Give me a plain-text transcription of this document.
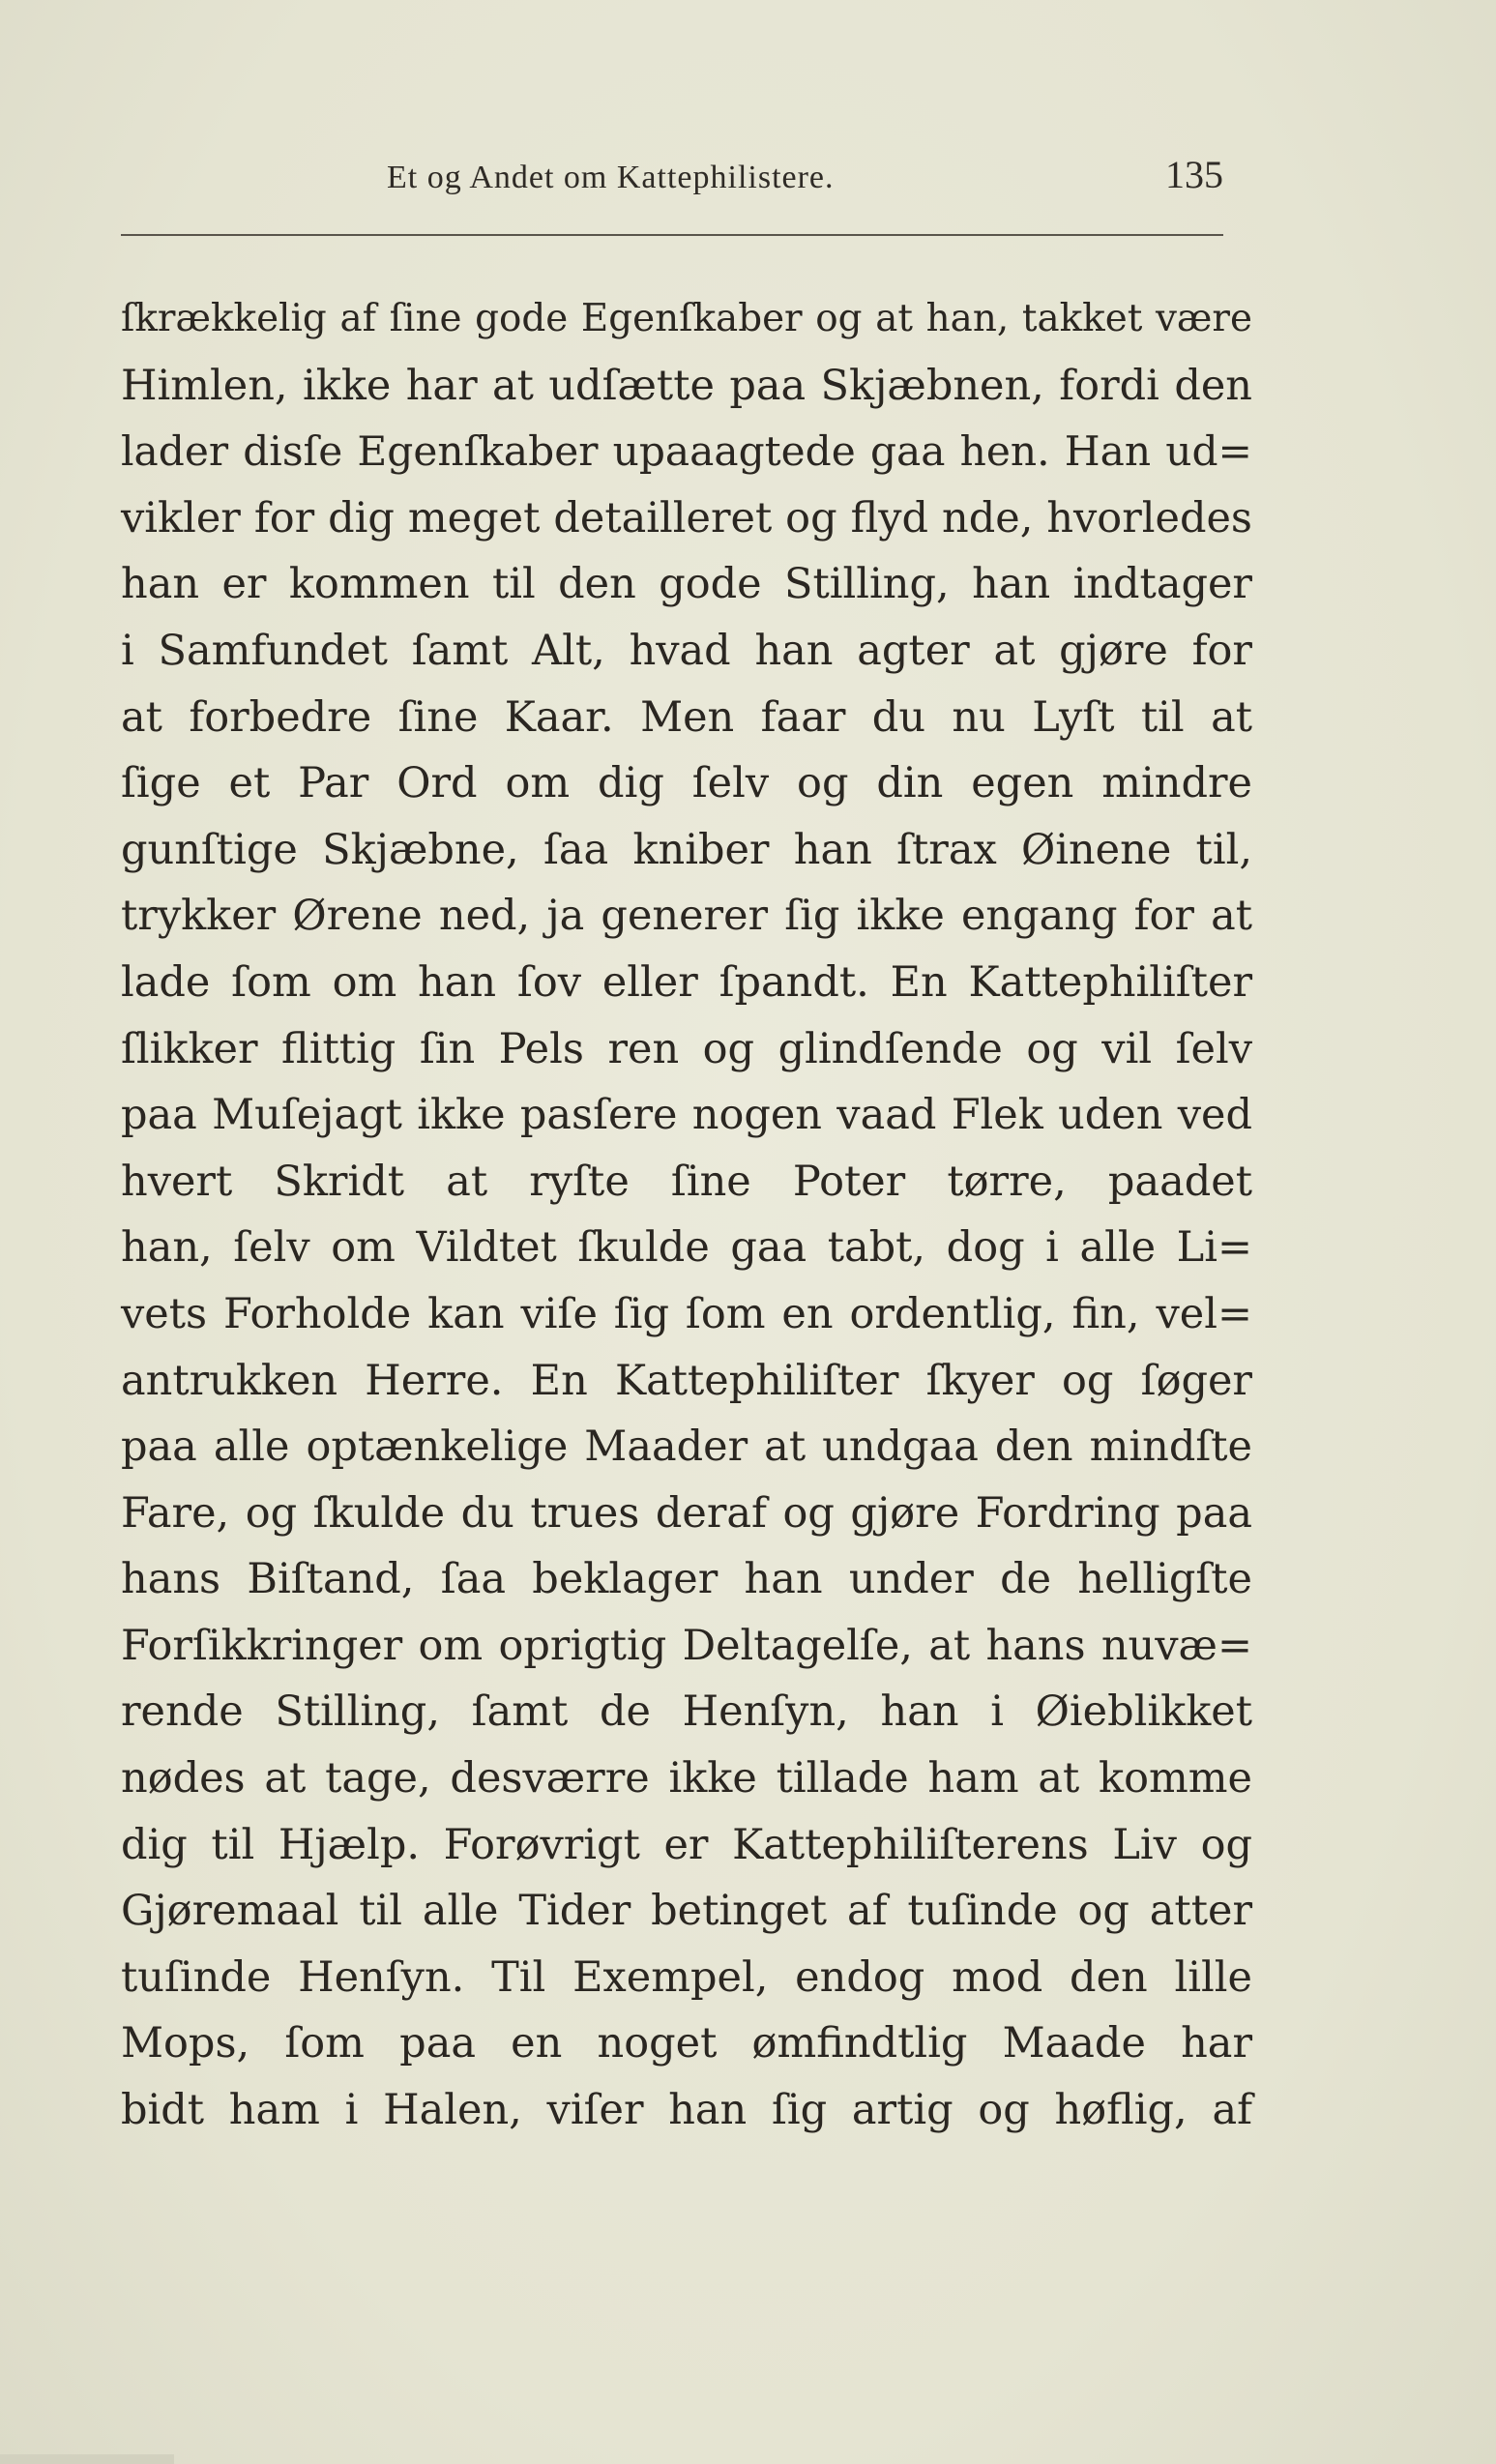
Et og Andet om Kattephilistere.	135
ſkrækkelig af ſine gode Egenſkaber og at han, takket være
Himlen, ikke har at udſætte paa Skjæbnen, fordi den
lader disſe Egenſkaber upaaagtede gaa hen. Han ud=
vikler for dig meget detailleret og flyd nde, hvorledes
han er kommen til den gode Stilling, han indtager
i Samfundet ſamt Alt, hvad han agter at gjøre for
at forbedre ſine Kaar. Men faar du nu Lyſt til at
ſige et Par Ord om dig ſelv og din egen mindre
gunſtige Skjæbne, ſaa kniber han ſtrax Øinene til,
trykker Ørene ned, ja generer ſig ikke engang for at
lade ſom om han ſov eller ſpandt. En Kattephiliſter
ſlikker flittig ſin Pels ren og glindſende og vil ſelv
paa Muſejagt ikke pasſere nogen vaad Flek uden ved
hvert Skridt at ryſte ſine Poter tørre, paadet
han, ſelv om Vildtet ſkulde gaa tabt, dog i alle Li=
vets Forholde kan viſe ſig ſom en ordentlig, fin, vel=
antrukken Herre. En Kattephiliſter ſkyer og ſøger
paa alle optænkelige Maader at undgaa den mindſte
Fare, og ſkulde du trues deraf og gjøre Fordring paa
hans Biſtand, ſaa beklager han under de helligſte
Forſikkringer om oprigtig Deltagelſe, at hans nuvæ=
rende Stilling, ſamt de Henſyn, han i Øieblikket
nødes at tage, desværre ikke tillade ham at komme
dig til Hjælp. Forøvrigt er Kattephiliſterens Liv og
Gjøremaal til alle Tider betinget af tuſinde og atter
tuſinde Henſyn. Til Exempel, endog mod den lille
Mops, ſom paa en noget ømfindtlig Maade har
bidt ham i Halen, viſer han ſig artig og høflig, af
